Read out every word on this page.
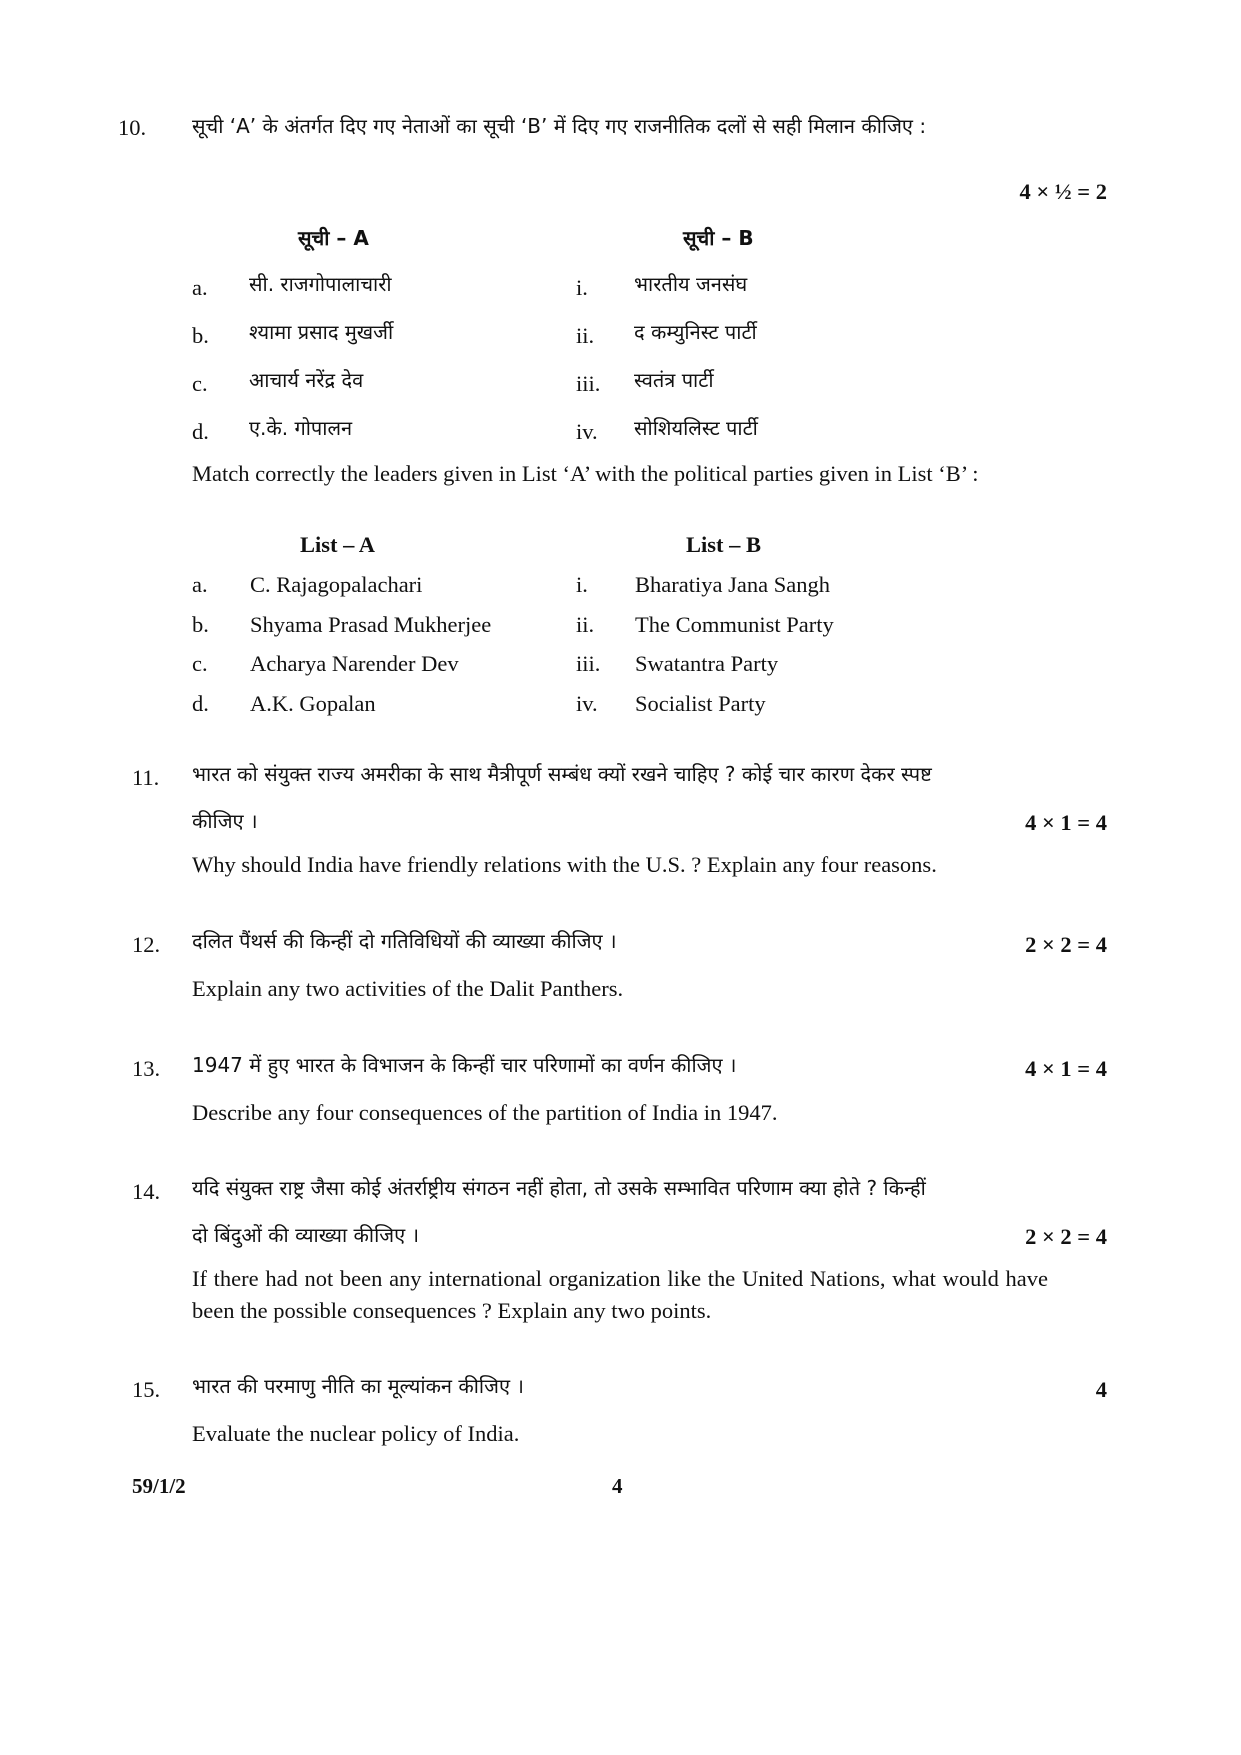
10. सूची ‘A’ के अंतर्गत दिए गए नेताओं का सूची ‘B’ में दिए गए राजनीतिक दलों से सही मिलान कीजिए :
4 × ½ = 2
सूची – A	सूची – B
a. सी. राजगोपालाचारी	i. भारतीय जनसंघ
b. श्यामा प्रसाद मुखर्जी	ii. द कम्युनिस्ट पार्टी
c. आचार्य नरेंद्र देव	iii. स्वतंत्र पार्टी
d. ए.के. गोपालन	iv. सोशियलिस्ट पार्टी
Match correctly the leaders given in List ‘A’ with the political parties given in List ‘B’ :
List – A	List – B
a. C. Rajagopalachari	i. Bharatiya Jana Sangh
b. Shyama Prasad Mukherjee	ii. The Communist Party
c. Acharya Narender Dev	iii. Swatantra Party
d. A.K. Gopalan	iv. Socialist Party
11. भारत को संयुक्त राज्य अमरीका के साथ मैत्रीपूर्ण सम्बंध क्यों रखने चाहिए ? कोई चार कारण देकर स्पष्ट
कीजिए ।	4 × 1 = 4
Why should India have friendly relations with the U.S. ? Explain any four reasons.
12. दलित पैंथर्स की किन्हीं दो गतिविधियों की व्याख्या कीजिए ।	2 × 2 = 4
Explain any two activities of the Dalit Panthers.
13. 1947 में हुए भारत के विभाजन के किन्हीं चार परिणामों का वर्णन कीजिए ।	4 × 1 = 4
Describe any four consequences of the partition of India in 1947.
14. यदि संयुक्त राष्ट्र जैसा कोई अंतर्राष्ट्रीय संगठन नहीं होता, तो उसके सम्भावित परिणाम क्या होते ? किन्हीं
दो बिंदुओं की व्याख्या कीजिए ।	2 × 2 = 4
If there had not been any international organization like the United Nations, what would have been the possible consequences ? Explain any two points.
15. भारत की परमाणु नीति का मूल्यांकन कीजिए ।	4
Evaluate the nuclear policy of India.
59/1/2	4
